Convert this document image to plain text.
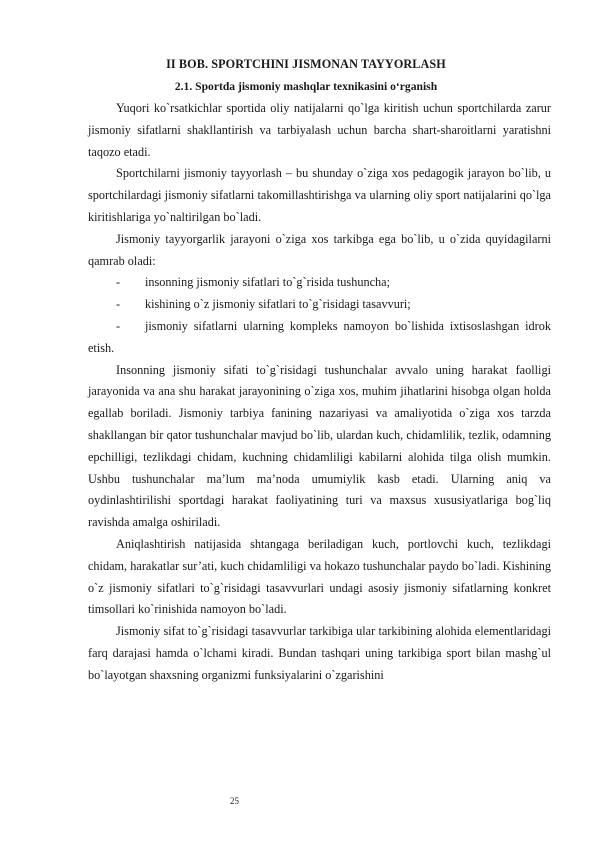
II BOB. SPORTCHINI JISMONAN TAYYORLASH
2.1. Sportda jismoniy mashqlar texnikasini o‘rganish

Yuqori ko`rsatkichlar sportida oliy natijalarni qo`lga kiritish uchun sportchilarda zarur jismoniy sifatlarni shakllantirish va tarbiyalash uchun barcha shart-sharoitlarni yaratishni taqozo etadi.

Sportchilarni jismoniy tayyorlash – bu shunday o`ziga xos pedagogik jarayon bo`lib, u sportchilardagi jismoniy sifatlarni takomillashtirishga va ularning oliy sport natijalarini qo`lga kiritishlariga yo`naltirilgan bo`ladi.

Jismoniy tayyorgarlik jarayoni o`ziga xos tarkibga ega bo`lib, u o`zida quyidagilarni qamrab oladi:

- insonning jismoniy sifatlari to`g`risida tushuncha;
- kishining o`z jismoniy sifatlari to`g`risidagi tasavvuri;
- jismoniy sifatlarni ularning kompleks namoyon bo`lishida ixtisoslashgan idrok etish.

Insonning jismoniy sifati to`g`risidagi tushunchalar avvalo uning harakat faolligi jarayonida va ana shu harakat jarayonining o`ziga xos, muhim jihatlarini hisobga olgan holda egallab boriladi. Jismoniy tarbiya fanining nazariyasi va amaliyotida o`ziga xos tarzda shakllangan bir qator tushunchalar mavjud bo`lib, ulardan kuch, chidamlilik, tezlik, odamning epchilligi, tezlikdagi chidam, kuchning chidamliligi kabilarni alohida tilga olish mumkin. Ushbu tushunchalar ma’lum ma’noda umumiylik kasb etadi. Ularning aniq va oydinlashtirilishi sportdagi harakat faoliyatining turi va maxsus xususiyatlariga bog`liq ravishda amalga oshiriladi.

Aniqlashtirish natijasida shtangaga beriladigan kuch, portlovchi kuch, tezlikdagi chidam, harakatlar sur’ati, kuch chidamliligi va hokazo tushunchalar paydo bo`ladi. Kishining o`z jismoniy sifatlari to`g`risidagi tasavvurlari undagi asosiy jismoniy sifatlarning konkret timsollari ko`rinishida namoyon bo`ladi.

Jismoniy sifat to`g`risidagi tasavvurlar tarkibiga ular tarkibining alohida elementlaridagi farq darajasi hamda o`lchami kiradi. Bundan tashqari uning tarkibiga sport bilan mashg`ul bo`layotgan shaxsning organizmi funksiyalarini o`zgarishini

25
